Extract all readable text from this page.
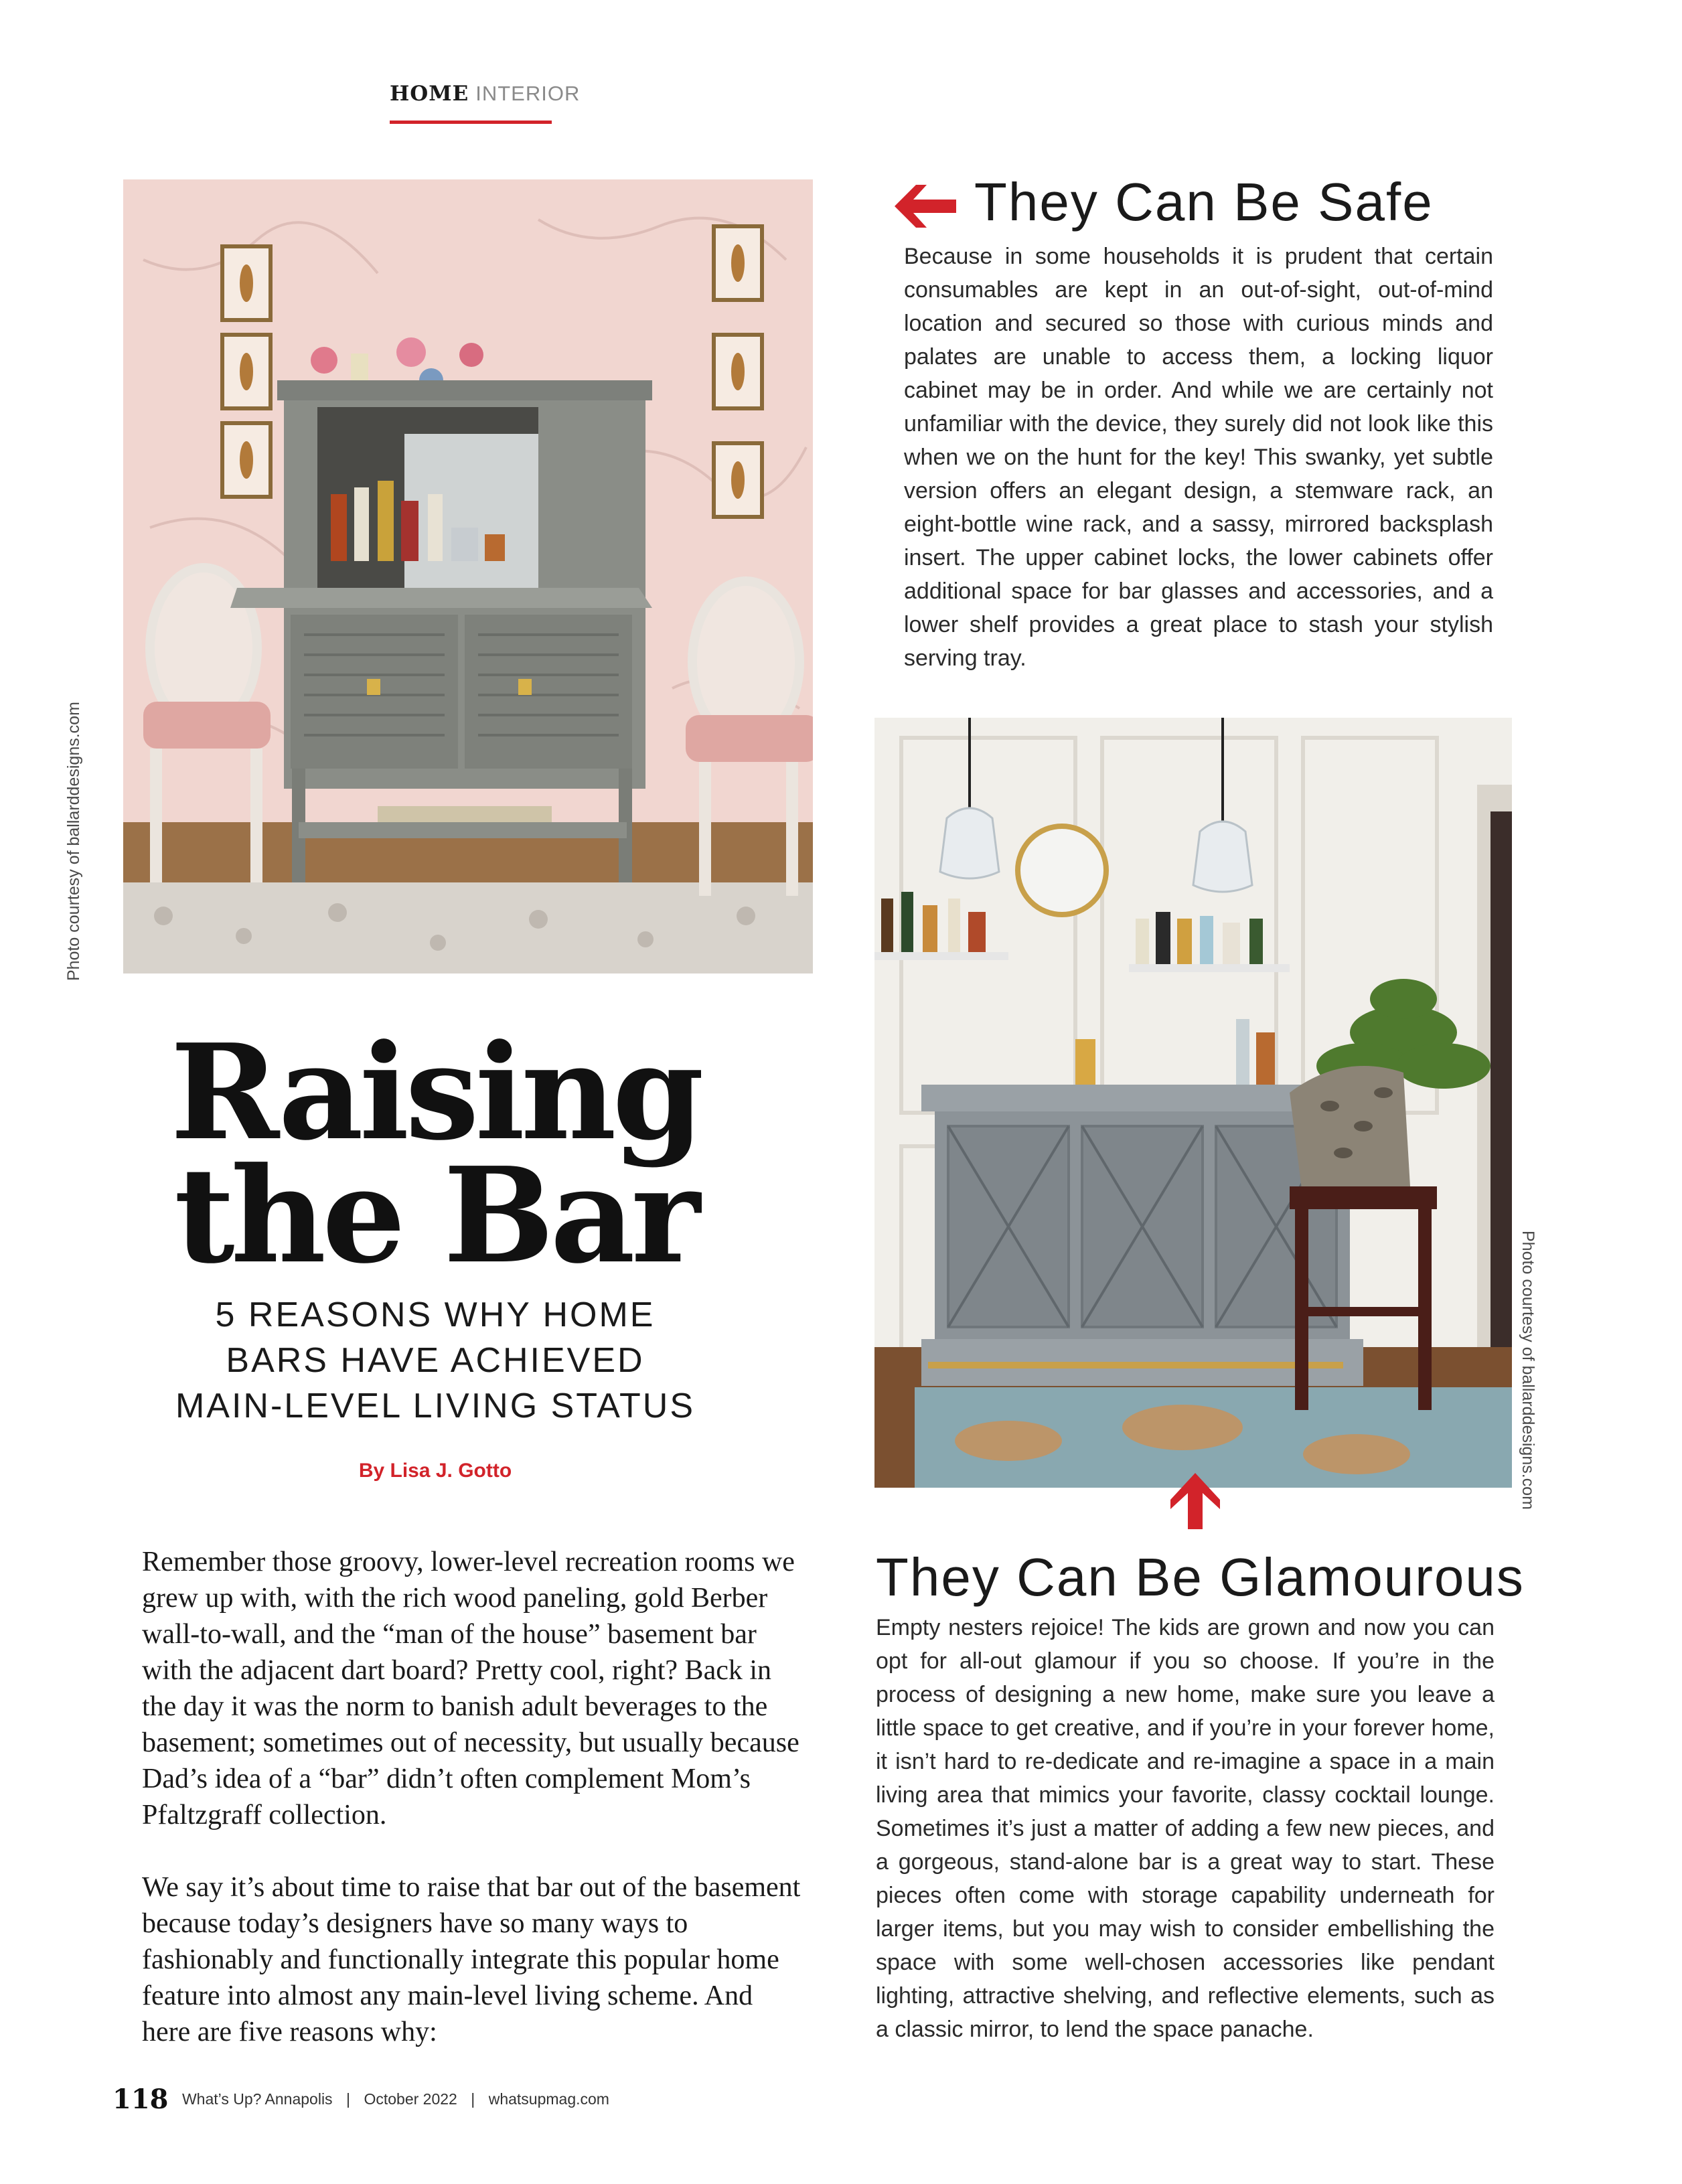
HOME INTERIOR
Photo courtesy of ballarddesigns.com
They Can Be Safe
Because in some households it is prudent that certain consumables are kept in an out-of-sight, out-of-mind location and secured so those with curious minds and palates are unable to access them, a locking liquor cabinet may be in order. And while we are certainly not unfamiliar with the device, they surely did not look like this when we on the hunt for the key! This swanky, yet subtle version offers an elegant design, a stemware rack, an eight-bottle wine rack, and a sassy, mirrored backsplash insert. The upper cabinet locks, the lower cabinets offer additional space for bar glasses and accessories, and a lower shelf provides a great place to stash your stylish serving tray.
Photo courtesy of ballarddesigns.com
Raising
the Bar
5 REASONS WHY HOME
BARS HAVE ACHIEVED
MAIN-LEVEL LIVING STATUS
By Lisa J. Gotto
Remember those groovy, lower-level recreation rooms we grew up with, with the rich wood paneling, gold Berber wall-to-wall, and the “man of the house” basement bar with the adjacent dart board? Pretty cool, right? Back in the day it was the norm to banish adult beverages to the basement; sometimes out of necessity, but usually because Dad’s idea of a “bar” didn’t often complement Mom’s Pfaltzgraff collection.
We say it’s about time to raise that bar out of the basement because today’s designers have so many ways to fashionably and functionally integrate this popular home feature into almost any main-level living scheme. And here are five reasons why:
They Can Be Glamourous
Empty nesters rejoice! The kids are grown and now you can opt for all-out glamour if you so choose. If you’re in the process of designing a new home, make sure you leave a little space to get creative, and if you’re in your forever home, it isn’t hard to re-dedicate and re-imagine a space in a main living area that mimics your favorite, classy cocktail lounge. Sometimes it’s just a matter of adding a few new pieces, and a gorgeous, stand-alone bar is a great way to start. These pieces often come with storage capability underneath for larger items, but you may wish to consider embellishing the space with some well-chosen accessories like pendant lighting, attractive shelving, and reflective elements, such as a classic mirror, to lend the space panache.
118 What’s Up? Annapolis | October 2022 | whatsupmag.com
